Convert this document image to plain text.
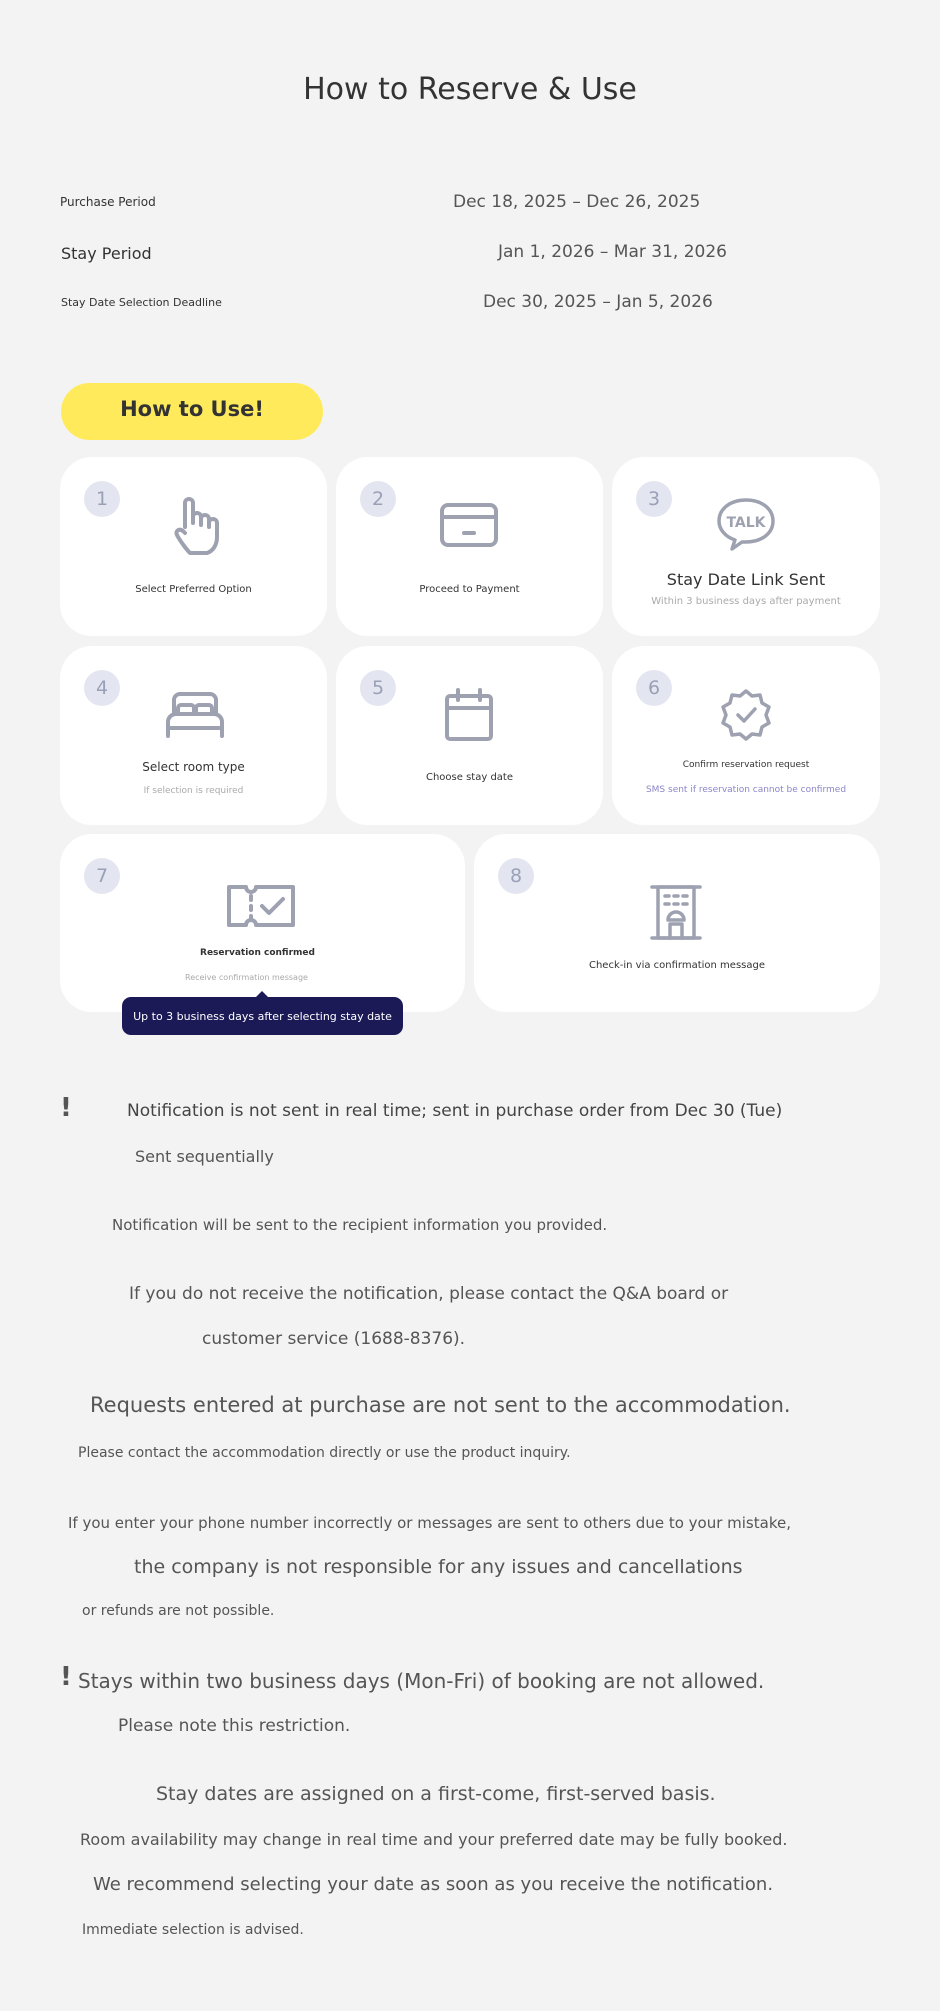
How to Reserve & Use
Purchase Period	Dec 18, 2025 – Dec 26, 2025
Stay Period	Jan 1, 2026 – Mar 31, 2026
Stay Date Selection Deadline	Dec 30, 2025 – Jan 5, 2026
How to Use!
1
Select Preferred Option
2
Proceed to Payment
3
TALK
Stay Date Link Sent
Within 3 business days after payment
4
Select room type
If selection is required
5
Choose stay date
6
Confirm reservation request
SMS sent if reservation cannot be confirmed
7
Reservation confirmed
Receive confirmation message
8
Check-in via confirmation message
Up to 3 business days after selecting stay date
!	Notification is not sent in real time; sent in purchase order from Dec 30 (Tue)
Sent sequentially
Notification will be sent to the recipient information you provided.
If you do not receive the notification, please contact the Q&A board or
customer service (1688-8376).
Requests entered at purchase are not sent to the accommodation.
Please contact the accommodation directly or use the product inquiry.
If you enter your phone number incorrectly or messages are sent to others due to your mistake,
the company is not responsible for any issues and cancellations
or refunds are not possible.
! Stays within two business days (Mon-Fri) of booking are not allowed.
Please note this restriction.
Stay dates are assigned on a first-come, first-served basis.
Room availability may change in real time and your preferred date may be fully booked.
We recommend selecting your date as soon as you receive the notification.
Immediate selection is advised.
